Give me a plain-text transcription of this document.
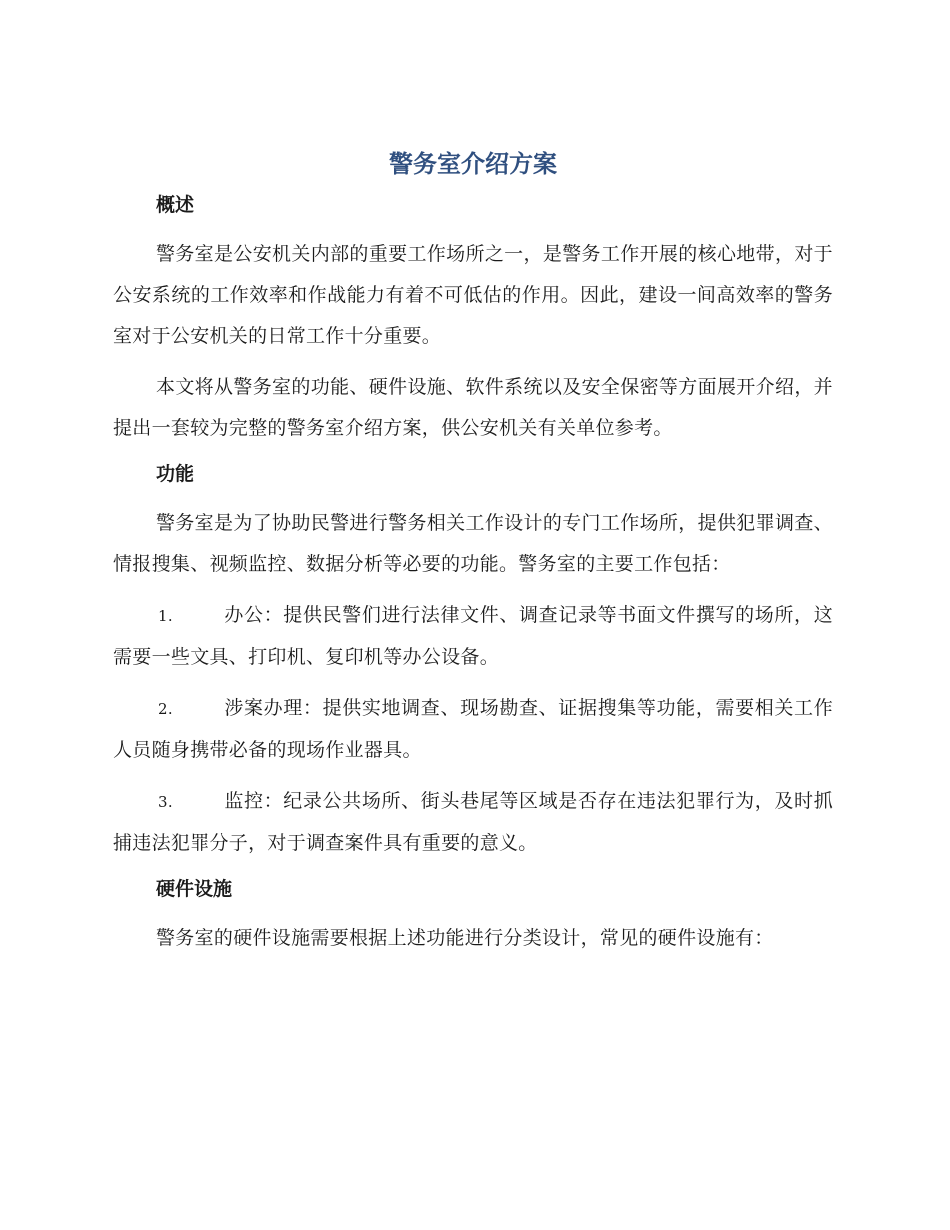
警务室介绍方案
概述

警务室是公安机关内部的重要工作场所之一，是警务工作开展的核心地带，对于公安系统的工作效率和作战能力有着不可低估的作用。因此，建设一间高效率的警务室对于公安机关的日常工作十分重要。

本文将从警务室的功能、硬件设施、软件系统以及安全保密等方面展开介绍，并提出一套较为完整的警务室介绍方案，供公安机关有关单位参考。

功能

警务室是为了协助民警进行警务相关工作设计的专门工作场所，提供犯罪调查、情报搜集、视频监控、数据分析等必要的功能。警务室的主要工作包括：

1.	办公：提供民警们进行法律文件、调查记录等书面文件撰写的场所，这需要一些文具、打印机、复印机等办公设备。

2.	涉案办理：提供实地调查、现场勘查、证据搜集等功能，需要相关工作人员随身携带必备的现场作业器具。

3.	监控：纪录公共场所、街头巷尾等区域是否存在违法犯罪行为，及时抓捕违法犯罪分子，对于调查案件具有重要的意义。

硬件设施

警务室的硬件设施需要根据上述功能进行分类设计，常见的硬件设施有：
